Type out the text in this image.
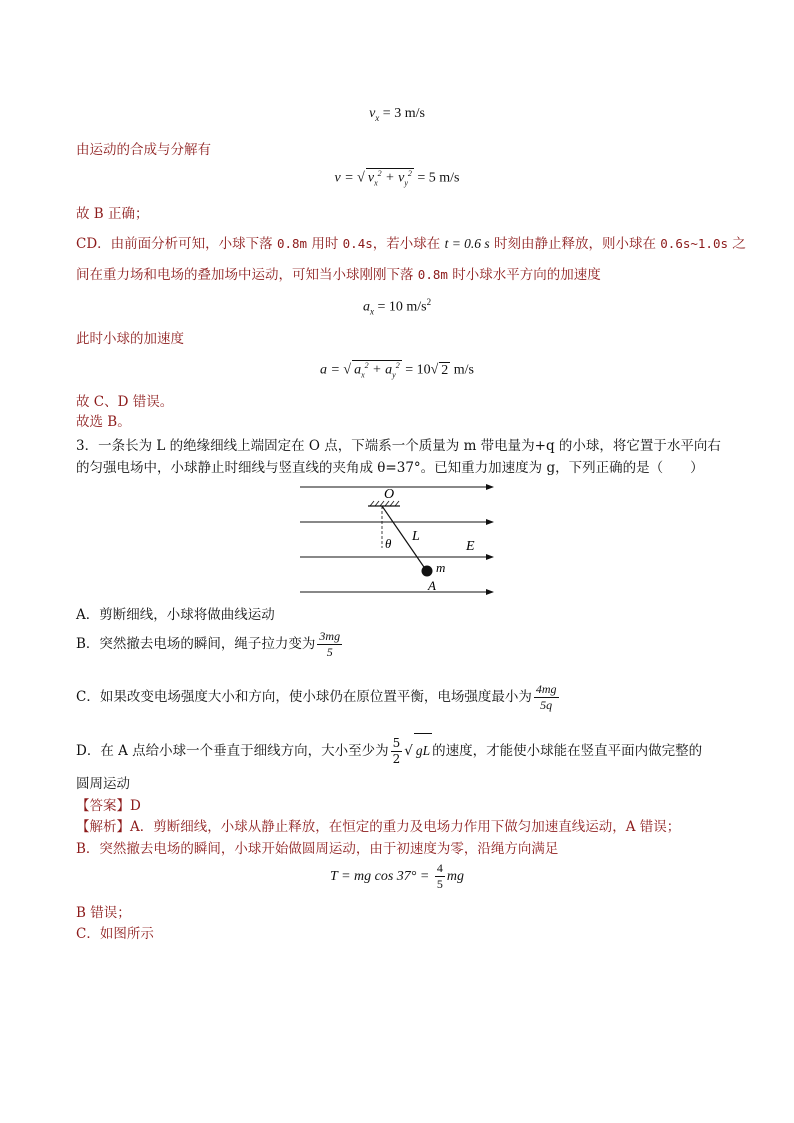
$v_x = 3$ m/s
由运动的合成与分解有
v = √ $v_x^2 + v_y^2 = 5$ m/s
故 B 正确；
CD．由前面分析可知，小球下落 0.8m 用时 0.4s，若小球在 t = 0.6 s 时刻由静止释放，则小球在 0.6s~1.0s 之
间在重力场和电场的叠加场中运动，可知当小球刚刚下落 0.8m 时小球水平方向的加速度
$a_x = 10$ $m/s^2$
此时小球的加速度
a = √ $a_x^2 + a_y^2 = 10√$ 2 m/s
故 C、D 错误。
故选 B。
3．一条长为 L 的绝缘细线上端固定在 O 点，下端系一个质量为 m 带电量为+q 的小球，将它置于水平向右
的匀强电场中，小球静止时细线与竖直线的夹角成 θ=37°。已知重力加速度为 g，下列正确的是（　　）
O
θ L
E
m
A
A．剪断细线，小球将做曲线运动
B．突然撤去电场的瞬间，绳子拉力变为 $\frac{3mg}{5}$
C．如果改变电场强度大小和方向，使小球仍在原位置平衡，电场强度最小为 $\frac{4mg}{5q}$
D．在 A 点给小球一个垂直于细线方向，大小至少为 $\frac{5}{2}$ √ gL 的速度，才能使小球能在竖直平面内做完整的
圆周运动
【答案】D
【解析】A．剪断细线，小球从静止释放，在恒定的重力及电场力作用下做匀加速直线运动，A 错误；
B．突然撤去电场的瞬间，小球开始做圆周运动，由于初速度为零，沿绳方向满足
T = mg $\cos 37^\circ = \frac{4}{5}$ mg
B 错误；
C．如图所示
